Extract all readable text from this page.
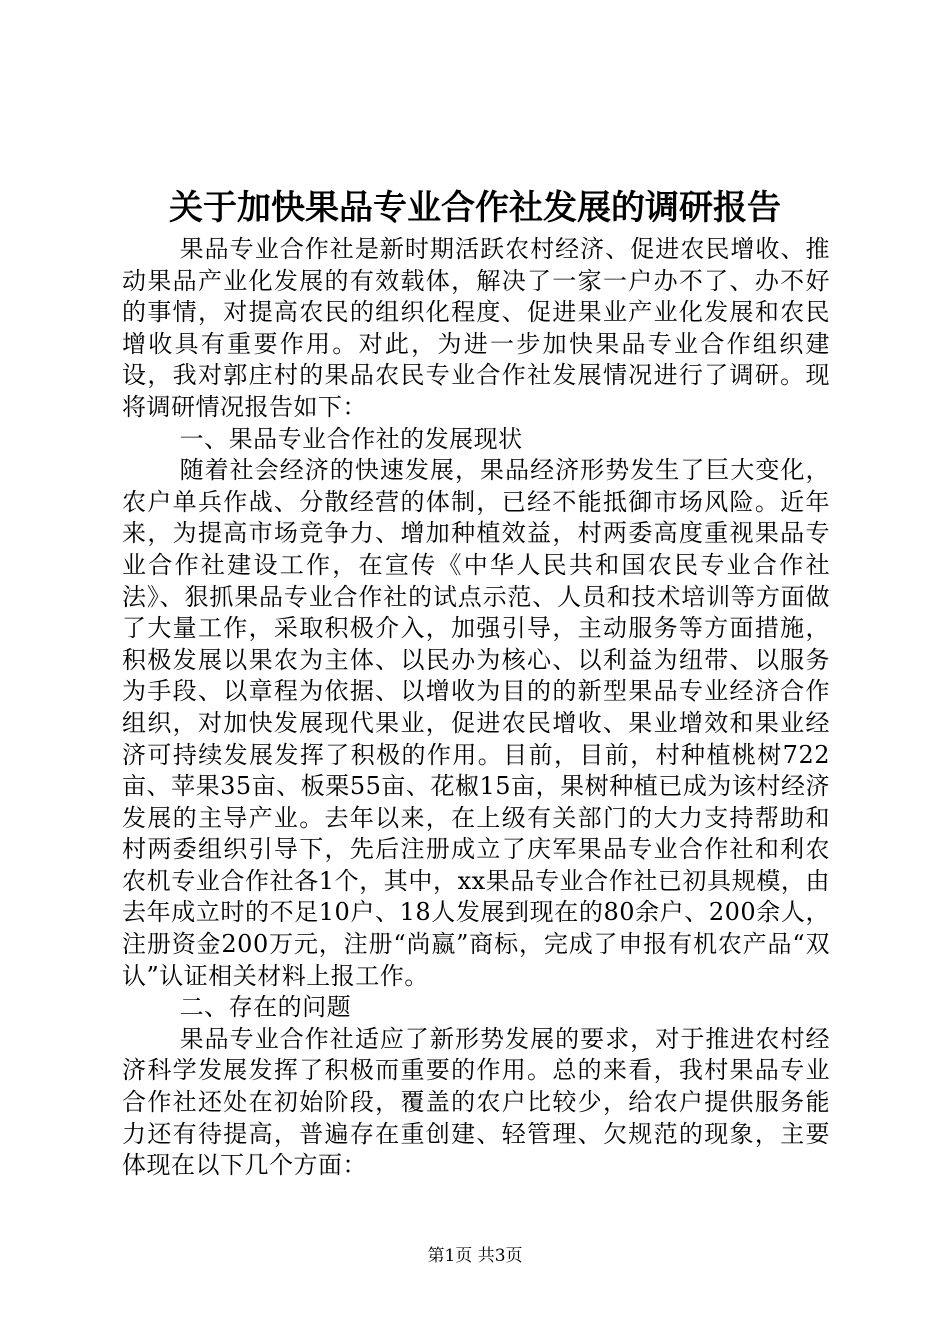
关于加快果品专业合作社发展的调研报告

果品专业合作社是新时期活跃农村经济、促进农民增收、推动果品产业化发展的有效载体，解决了一家一户办不了、办不好的事情，对提高农民的组织化程度、促进果业产业化发展和农民增收具有重要作用。对此，为进一步加快果品专业合作组织建设，我对郭庄村的果品农民专业合作社发展情况进行了调研。现将调研情况报告如下：

一、果品专业合作社的发展现状

随着社会经济的快速发展，果品经济形势发生了巨大变化，农户单兵作战、分散经营的体制，已经不能抵御市场风险。近年来，为提高市场竞争力、增加种植效益，村两委高度重视果品专业合作社建设工作，在宣传《中华人民共和国农民专业合作社法》、狠抓果品专业合作社的试点示范、人员和技术培训等方面做了大量工作，采取积极介入，加强引导，主动服务等方面措施，积极发展以果农为主体、以民办为核心、以利益为纽带、以服务为手段、以章程为依据、以增收为目的的新型果品专业经济合作组织，对加快发展现代果业，促进农民增收、果业增效和果业经济可持续发展发挥了积极的作用。目前，目前，村种植桃树722亩、苹果35亩、板栗55亩、花椒15亩，果树种植已成为该村经济发展的主导产业。去年以来，在上级有关部门的大力支持帮助和村两委组织引导下，先后注册成立了庆军果品专业合作社和利农农机专业合作社各1个，其中，xx果品专业合作社已初具规模，由去年成立时的不足10户、18人发展到现在的80余户、200余人，注册资金200万元，注册“尚嬴”商标，完成了申报有机农产品“双认”认证相关材料上报工作。

二、存在的问题

果品专业合作社适应了新形势发展的要求，对于推进农村经济科学发展发挥了积极而重要的作用。总的来看，我村果品专业合作社还处在初始阶段，覆盖的农户比较少，给农户提供服务能力还有待提高，普遍存在重创建、轻管理、欠规范的现象，主要体现在以下几个方面：

第1页 共3页
